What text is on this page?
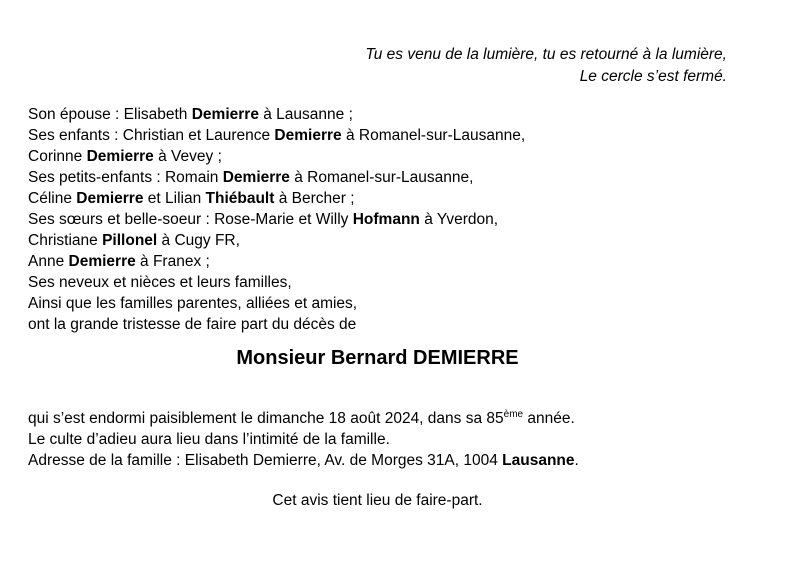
Tu es venu de la lumière, tu es retourné à la lumière,
Le cercle s’est fermé.
Son épouse : Elisabeth Demierre à Lausanne ;
Ses enfants : Christian et Laurence Demierre à Romanel-sur-Lausanne,
Corinne Demierre à Vevey ;
Ses petits-enfants : Romain Demierre à Romanel-sur-Lausanne,
Céline Demierre et Lilian Thiébault à Bercher ;
Ses sœurs et belle-soeur : Rose-Marie et Willy Hofmann à Yverdon,
Christiane Pillonel à Cugy FR,
Anne Demierre à Franex ;
Ses neveux et nièces et leurs familles,
Ainsi que les familles parentes, alliées et amies,
ont la grande tristesse de faire part du décès de
Monsieur Bernard DEMIERRE
qui s’est endormi paisiblement le dimanche 18 août 2024, dans sa 85ème année.
Le culte d’adieu aura lieu dans l’intimité de la famille.
Adresse de la famille : Elisabeth Demierre, Av. de Morges 31A, 1004 Lausanne.
Cet avis tient lieu de faire-part.
